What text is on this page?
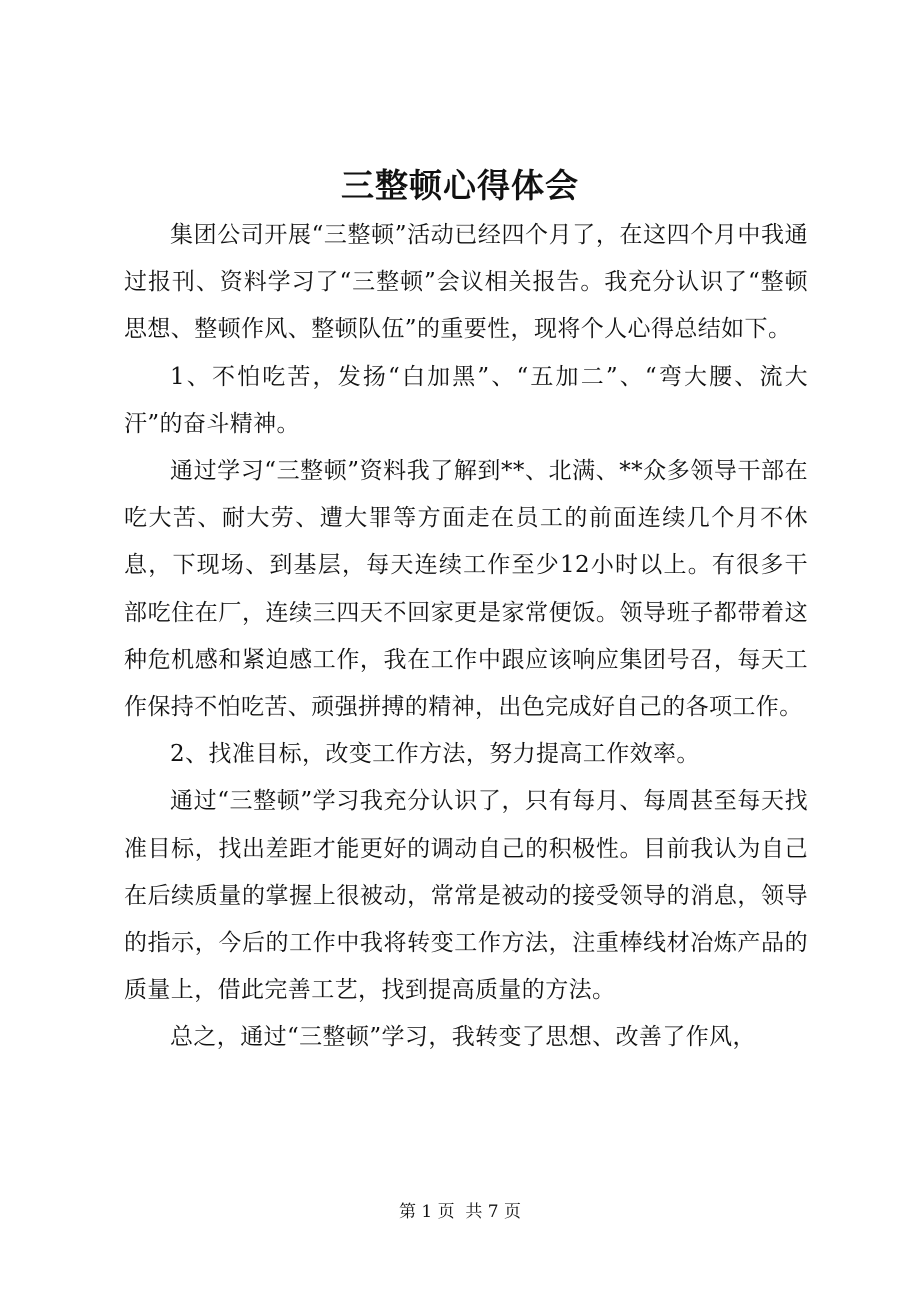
三整顿心得体会

集团公司开展“三整顿”活动已经四个月了，在这四个月中我通过报刊、资料学习了“三整顿”会议相关报告。我充分认识了“整顿思想、整顿作风、整顿队伍”的重要性，现将个人心得总结如下。

1、不怕吃苦，发扬“白加黑”、“五加二”、“弯大腰、流大汗”的奋斗精神。

通过学习“三整顿”资料我了解到**、北满、**众多领导干部在吃大苦、耐大劳、遭大罪等方面走在员工的前面连续几个月不休息，下现场、到基层，每天连续工作至少12小时以上。有很多干部吃住在厂，连续三四天不回家更是家常便饭。领导班子都带着这种危机感和紧迫感工作，我在工作中跟应该响应集团号召，每天工作保持不怕吃苦、顽强拼搏的精神，出色完成好自己的各项工作。

2、找准目标，改变工作方法，努力提高工作效率。

通过“三整顿”学习我充分认识了，只有每月、每周甚至每天找准目标，找出差距才能更好的调动自己的积极性。目前我认为自己在后续质量的掌握上很被动，常常是被动的接受领导的消息，领导的指示，今后的工作中我将转变工作方法，注重棒线材冶炼产品的质量上，借此完善工艺，找到提高质量的方法。

总之，通过“三整顿”学习，我转变了思想、改善了作风，

第 1 页  共 7 页
